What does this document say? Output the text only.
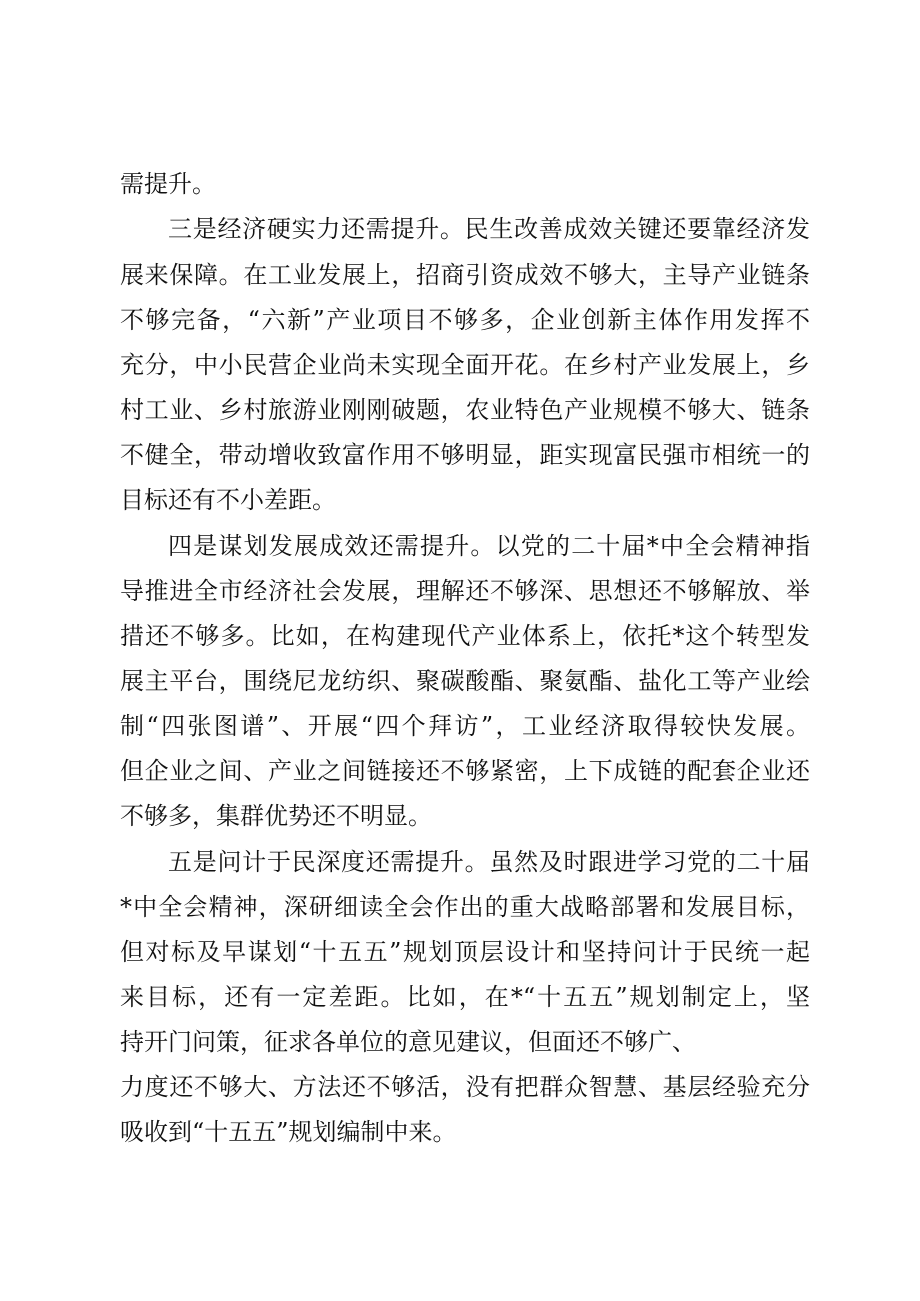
需提升。
三是经济硬实力还需提升。民生改善成效关键还要靠经济发
展来保障。在工业发展上，招商引资成效不够大，主导产业链条
不够完备，“六新”产业项目不够多，企业创新主体作用发挥不
充分，中小民营企业尚未实现全面开花。在乡村产业发展上，乡
村工业、乡村旅游业刚刚破题，农业特色产业规模不够大、链条
不健全，带动增收致富作用不够明显，距实现富民强市相统一的
目标还有不小差距。
四是谋划发展成效还需提升。以党的二十届*中全会精神指
导推进全市经济社会发展，理解还不够深、思想还不够解放、举
措还不够多。比如，在构建现代产业体系上，依托*这个转型发
展主平台，围绕尼龙纺织、聚碳酸酯、聚氨酯、盐化工等产业绘
制“四张图谱”、开展“四个拜访”，工业经济取得较快发展。
但企业之间、产业之间链接还不够紧密，上下成链的配套企业还
不够多，集群优势还不明显。
五是问计于民深度还需提升。虽然及时跟进学习党的二十届
*中全会精神，深研细读全会作出的重大战略部署和发展目标，
但对标及早谋划“十五五”规划顶层设计和坚持问计于民统一起
来目标，还有一定差距。比如，在*“十五五”规划制定上，坚
持开门问策，征求各单位的意见建议，但面还不够广、
力度还不够大、方法还不够活，没有把群众智慧、基层经验充分
吸收到“十五五”规划编制中来。
